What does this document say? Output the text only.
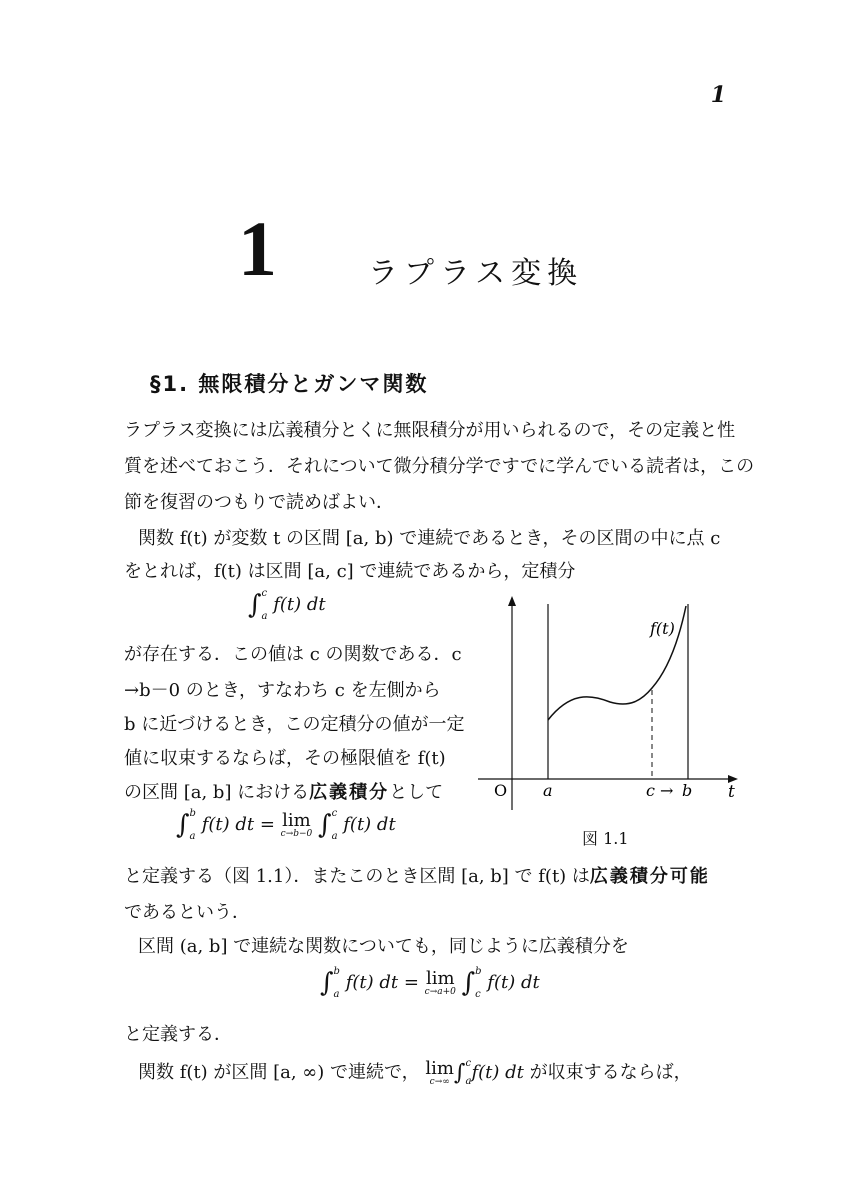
1
1	ラプラス変換
§1. 無限積分とガンマ関数
ラプラス変換には広義積分とくに無限積分が用いられるので，その定義と性
質を述べておこう．それについて微分積分学ですでに学んでいる読者は，この
節を復習のつもりで読めばよい．
関数 f(t) が変数 t の区間 [a, b) で連続であるとき，その区間の中に点 c
をとれば，f(t) は区間 [a, c] で連続であるから，定積分
∫ c
a
f(t) dt
が存在する．この値は c の関数である．c
→b－0 のとき，すなわち c を左側から
b に近づけるとき，この定積分の値が一定
値に収束するならば，その極限値を f(t)
の区間 [a, b] における広義積分として
∫ b
a
f(t) dt = lim
c→b−0 ∫ c
a
f(t) dt
f(t)
O a	c → b t
図 1.1
と定義する（図 1.1）．またこのとき区間 [a, b] で f(t) は広義積分可能
であるという．
区間 (a, b] で連続な関数についても，同じように広義積分を
∫ b
a
f(t) dt = lim
c→a+0 ∫ b
c
f(t) dt
と定義する．
関数 f(t) が区間 [a, ∞) で連続で， lim
c→∞ ∫ c
a f(t) dt が収束するならば，
